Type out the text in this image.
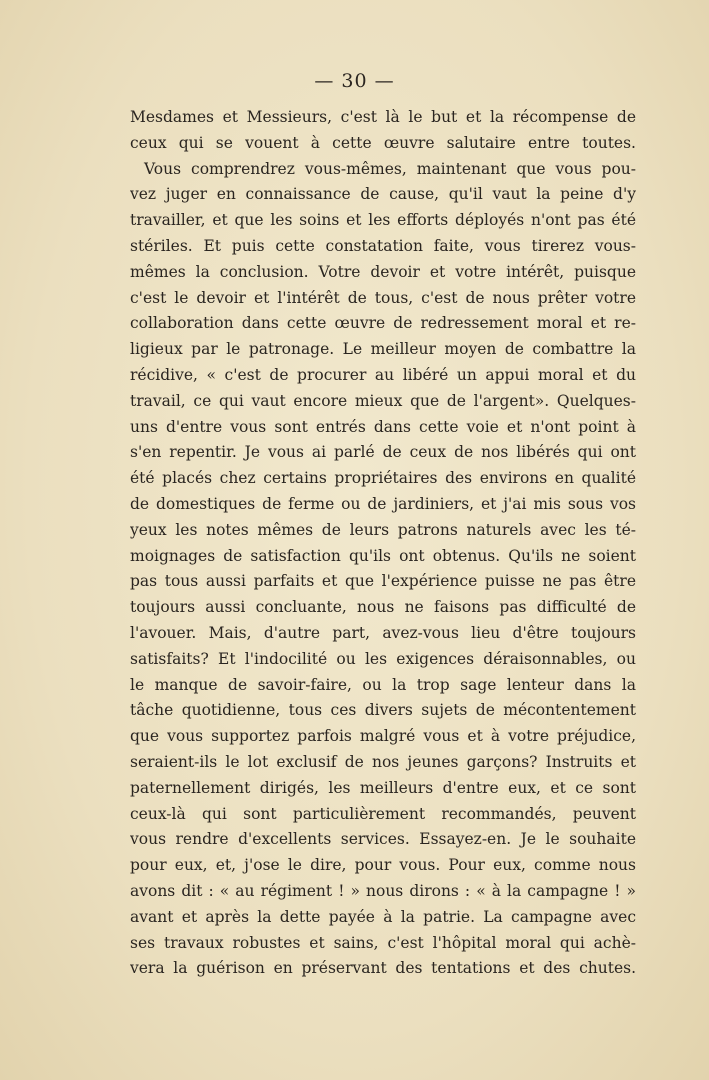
— 30 —
Mesdames et Messieurs, c'est là le but et la récompense de
ceux qui se vouent à cette œuvre salutaire entre toutes.
Vous comprendrez vous-mêmes, maintenant que vous pou-
vez juger en connaissance de cause, qu'il vaut la peine d'y
travailler, et que les soins et les efforts déployés n'ont pas été
stériles. Et puis cette constatation faite, vous tirerez vous-
mêmes la conclusion. Votre devoir et votre intérêt, puisque
c'est le devoir et l'intérêt de tous, c'est de nous prêter votre
collaboration dans cette œuvre de redressement moral et re-
ligieux par le patronage. Le meilleur moyen de combattre la
récidive, « c'est de procurer au libéré un appui moral et du
travail, ce qui vaut encore mieux que de l'argent». Quelques-
uns d'entre vous sont entrés dans cette voie et n'ont point à
s'en repentir. Je vous ai parlé de ceux de nos libérés qui ont
été placés chez certains propriétaires des environs en qualité
de domestiques de ferme ou de jardiniers, et j'ai mis sous vos
yeux les notes mêmes de leurs patrons naturels avec les té-
moignages de satisfaction qu'ils ont obtenus. Qu'ils ne soient
pas tous aussi parfaits et que l'expérience puisse ne pas être
toujours aussi concluante, nous ne faisons pas difficulté de
l'avouer. Mais, d'autre part, avez-vous lieu d'être toujours
satisfaits? Et l'indocilité ou les exigences déraisonnables, ou
le manque de savoir-faire, ou la trop sage lenteur dans la
tâche quotidienne, tous ces divers sujets de mécontentement
que vous supportez parfois malgré vous et à votre préjudice,
seraient-ils le lot exclusif de nos jeunes garçons? Instruits et
paternellement dirigés, les meilleurs d'entre eux, et ce sont
ceux-là qui sont particulièrement recommandés, peuvent
vous rendre d'excellents services. Essayez-en. Je le souhaite
pour eux, et, j'ose le dire, pour vous. Pour eux, comme nous
avons dit : « au régiment ! » nous dirons : « à la campagne ! »
avant et après la dette payée à la patrie. La campagne avec
ses travaux robustes et sains, c'est l'hôpital moral qui achè-
vera la guérison en préservant des tentations et des chutes.
